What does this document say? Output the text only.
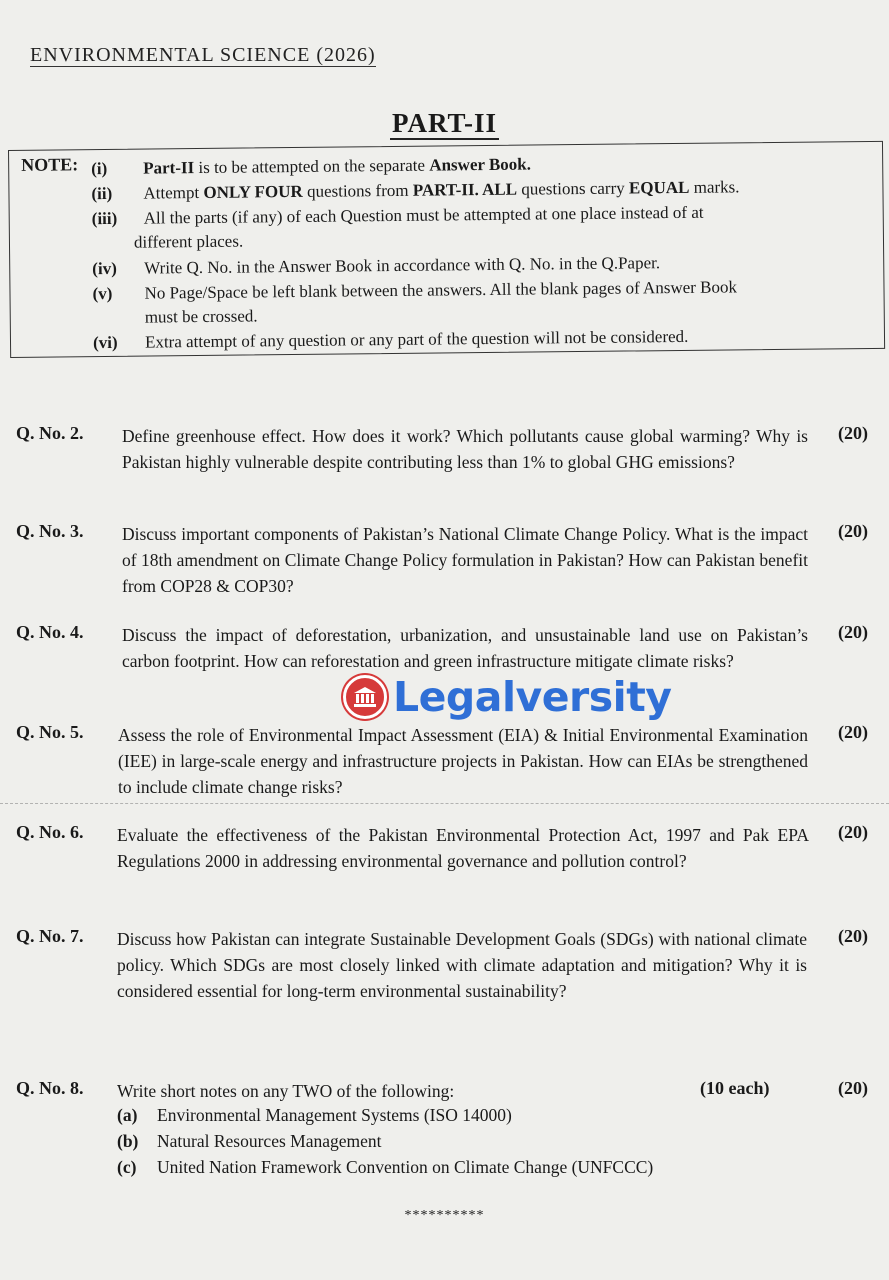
ENVIRONMENTAL SCIENCE (2026)
PART-II
NOTE: (i) Part-II is to be attempted on the separate Answer Book.
(ii) Attempt ONLY FOUR questions from PART-II. ALL questions carry EQUAL marks.
(iii) All the parts (if any) of each Question must be attempted at one place instead of at
different places.
(iv) Write Q. No. in the Answer Book in accordance with Q. No. in the Q.Paper.
(v) No Page/Space be left blank between the answers. All the blank pages of Answer Book
must be crossed.
(vi) Extra attempt of any question or any part of the question will not be considered.
Q. No. 2. Define greenhouse effect. How does it work? Which pollutants cause global warming? Why is Pakistan highly vulnerable despite contributing less than 1% to global GHG emissions?
(20)
Q. No. 3. Discuss important components of Pakistan’s National Climate Change Policy. What is the impact of 18th amendment on Climate Change Policy formulation in Pakistan? How can Pakistan benefit from COP28 & COP30?
(20)
Q. No. 4. Discuss the impact of deforestation, urbanization, and unsustainable land use on Pakistan’s carbon footprint. How can reforestation and green infrastructure mitigate climate risks?
(20)
Legalversity
Q. No. 5. Assess the role of Environmental Impact Assessment (EIA) & Initial Environmental Examination (IEE) in large-scale energy and infrastructure projects in Pakistan. How can EIAs be strengthened to include climate change risks?
(20)
Q. No. 6. Evaluate the effectiveness of the Pakistan Environmental Protection Act, 1997 and Pak EPA Regulations 2000 in addressing environmental governance and pollution control?
(20)
Q. No. 7. Discuss how Pakistan can integrate Sustainable Development Goals (SDGs) with national climate policy. Which SDGs are most closely linked with climate adaptation and mitigation? Why it is considered essential for long-term environmental sustainability?
(20)
Q. No. 8. Write short notes on any TWO of the following:	(10 each)	(20)
(a) Environmental Management Systems (ISO 14000)
(b) Natural Resources Management
(c) United Nation Framework Convention on Climate Change (UNFCCC)
**********
